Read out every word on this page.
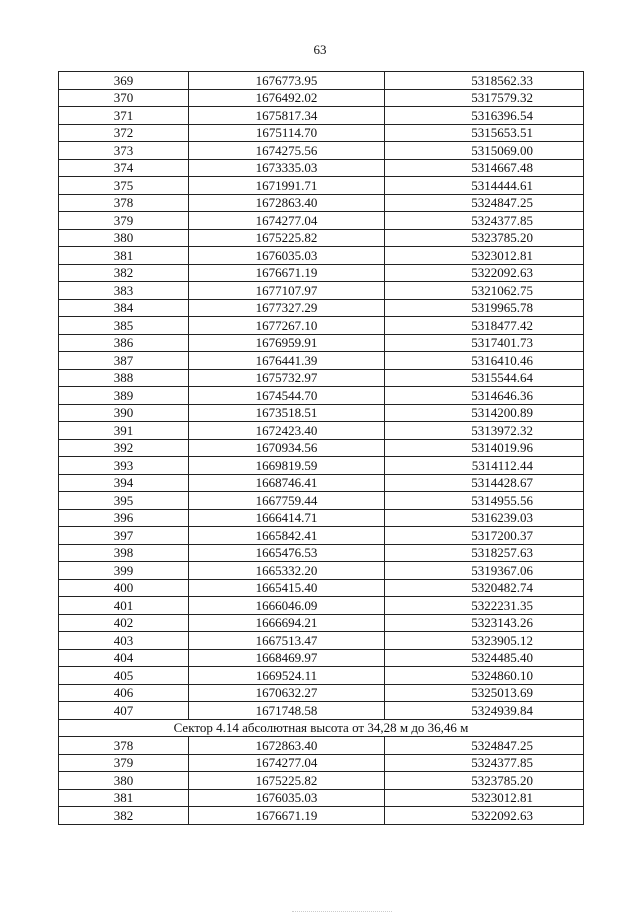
63
369	1676773.95	5318562.33
370	1676492.02	5317579.32
371	1675817.34	5316396.54
372	1675114.70	5315653.51
373	1674275.56	5315069.00
374	1673335.03	5314667.48
375	1671991.71	5314444.61
378	1672863.40	5324847.25
379	1674277.04	5324377.85
380	1675225.82	5323785.20
381	1676035.03	5323012.81
382	1676671.19	5322092.63
383	1677107.97	5321062.75
384	1677327.29	5319965.78
385	1677267.10	5318477.42
386	1676959.91	5317401.73
387	1676441.39	5316410.46
388	1675732.97	5315544.64
389	1674544.70	5314646.36
390	1673518.51	5314200.89
391	1672423.40	5313972.32
392	1670934.56	5314019.96
393	1669819.59	5314112.44
394	1668746.41	5314428.67
395	1667759.44	5314955.56
396	1666414.71	5316239.03
397	1665842.41	5317200.37
398	1665476.53	5318257.63
399	1665332.20	5319367.06
400	1665415.40	5320482.74
401	1666046.09	5322231.35
402	1666694.21	5323143.26
403	1667513.47	5323905.12
404	1668469.97	5324485.40
405	1669524.11	5324860.10
406	1670632.27	5325013.69
407	1671748.58	5324939.84
Сектор 4.14 абсолютная высота от 34,28 м до 36,46 м		
378	1672863.40	5324847.25
379	1674277.04	5324377.85
380	1675225.82	5323785.20
381	1676035.03	5323012.81
382	1676671.19	5322092.63
